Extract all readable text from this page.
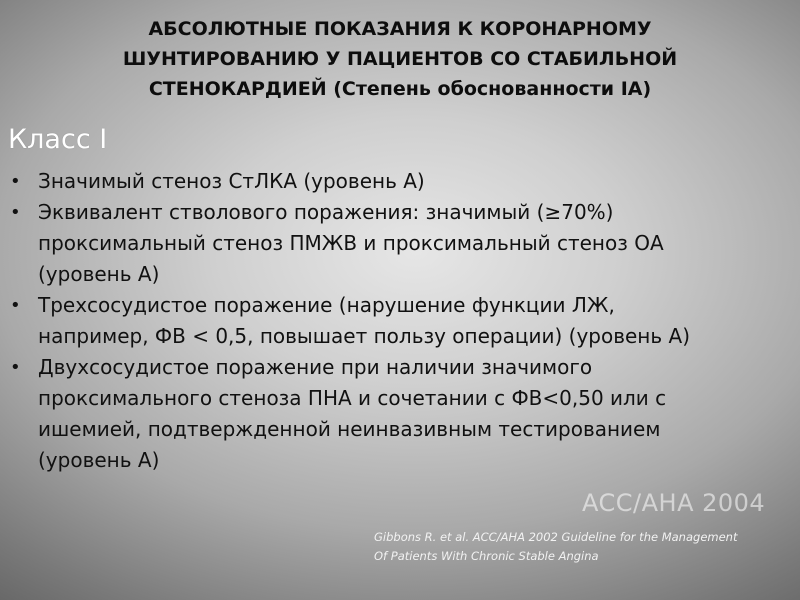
АБСОЛЮТНЫЕ ПОКАЗАНИЯ К КОРОНАРНОМУ
ШУНТИРОВАНИЮ У ПАЦИЕНТОВ СО СТАБИЛЬНОЙ
СТЕНОКАРДИЕЙ (Степень обоснованности IA)
Класс I
• Значимый стеноз СтЛКА (уровень А)
• Эквивалент стволового поражения: значимый (≥70%)
проксимальный стеноз ПМЖВ и проксимальный стеноз ОА
(уровень А)
• Трехсосудистое поражение (нарушение функции ЛЖ,
например, ФВ < 0,5, повышает пользу операции) (уровень А)
• Двухсосудистое поражение при наличии значимого
проксимального стеноза ПНА и сочетании с ФВ<0,50 или с
ишемией, подтвержденной неинвазивным тестированием
(уровень А)
ACC/AHA 2004
Gibbons R. et al. ACC/AHA 2002 Guideline for the Management
Of Patients With Chronic Stable Angina
